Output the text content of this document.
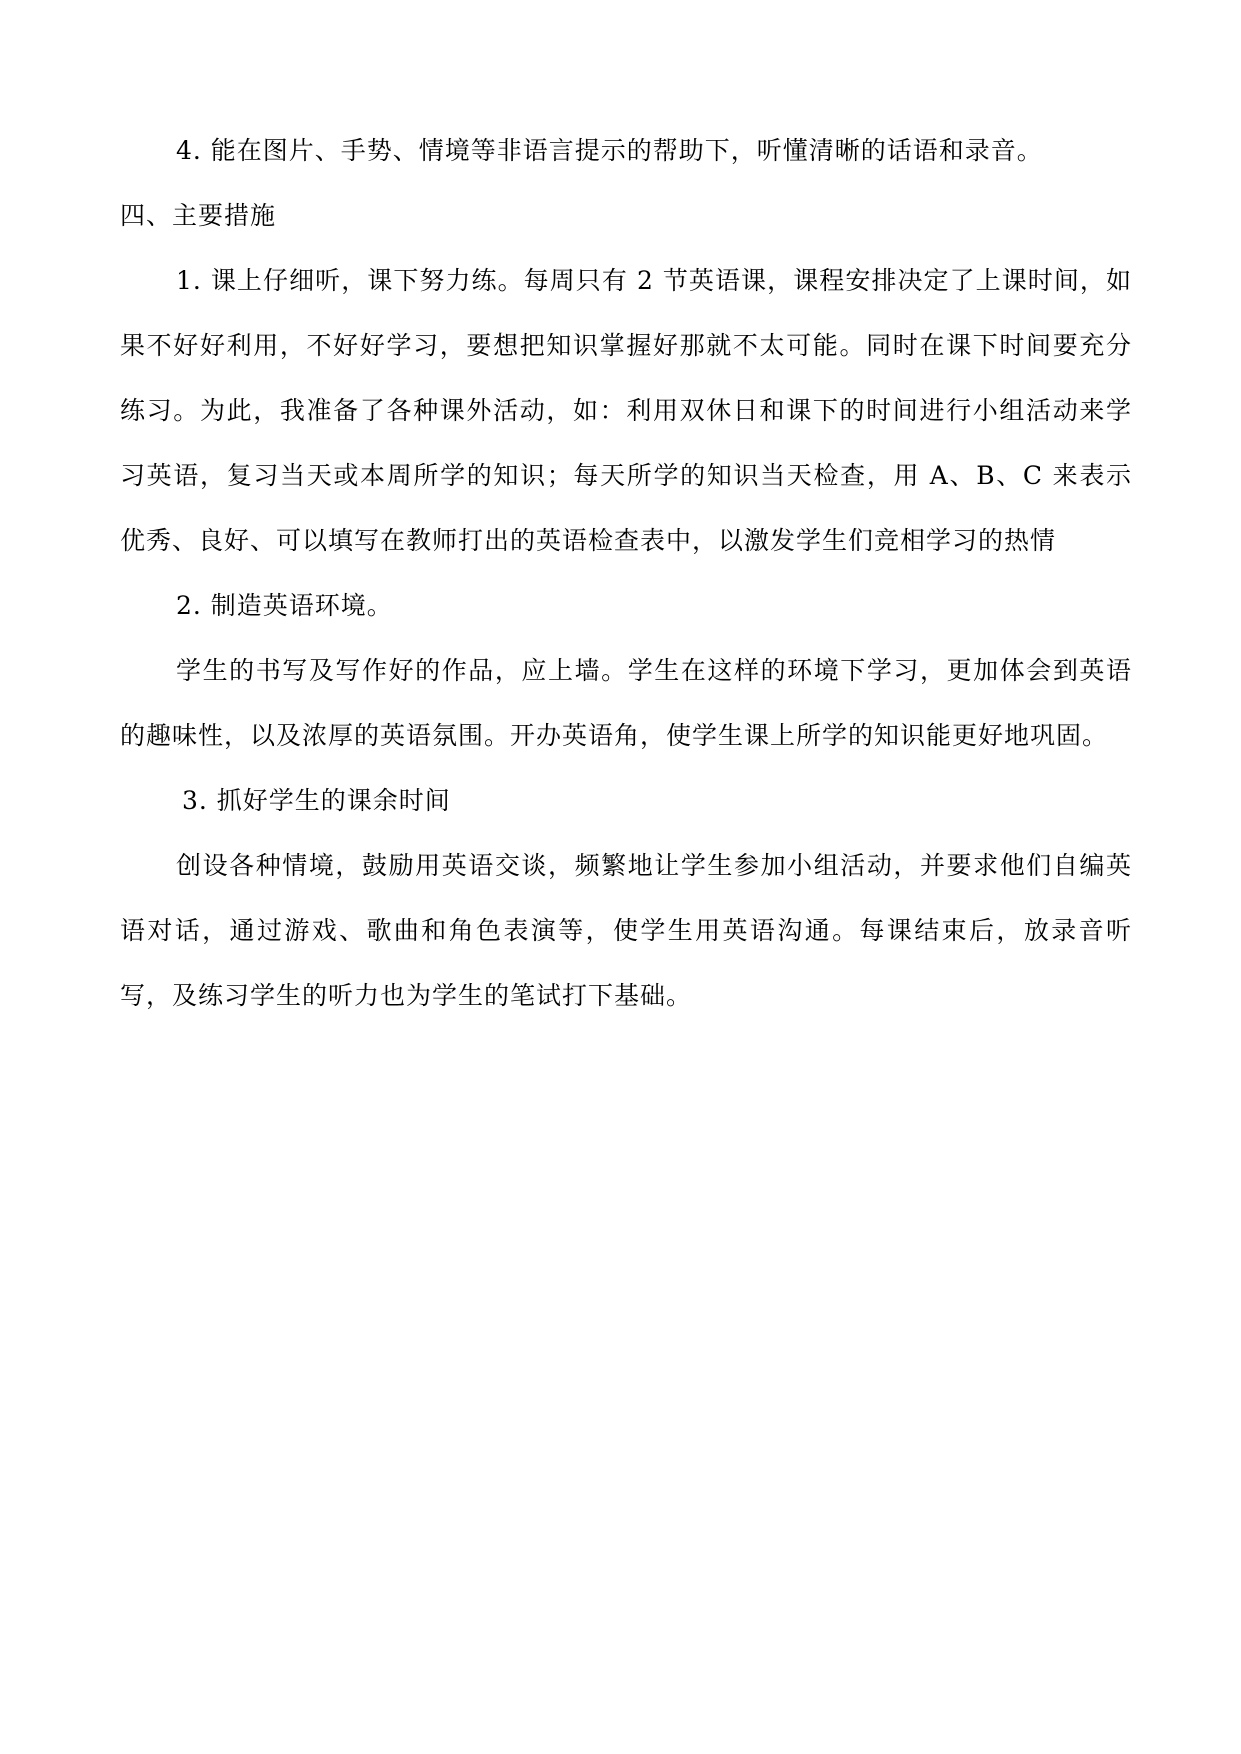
4. 能在图片、手势、情境等非语言提示的帮助下，听懂清晰的话语和录音。

四、主要措施

1. 课上仔细听，课下努力练。每周只有 2 节英语课，课程安排决定了上课时间，如果不好好利用，不好好学习，要想把知识掌握好那就不太可能。同时在课下时间要充分练习。为此，我准备了各种课外活动，如：利用双休日和课下的时间进行小组活动来学习英语，复习当天或本周所学的知识；每天所学的知识当天检查，用 A、B、C 来表示优秀、良好、可以填写在教师打出的英语检查表中，以激发学生们竞相学习的热情

2. 制造英语环境。

学生的书写及写作好的作品，应上墙。学生在这样的环境下学习，更加体会到英语的趣味性，以及浓厚的英语氛围。开办英语角，使学生课上所学的知识能更好地巩固。

3. 抓好学生的课余时间

创设各种情境，鼓励用英语交谈，频繁地让学生参加小组活动，并要求他们自编英语对话，通过游戏、歌曲和角色表演等，使学生用英语沟通。每课结束后，放录音听写，及练习学生的听力也为学生的笔试打下基础。
